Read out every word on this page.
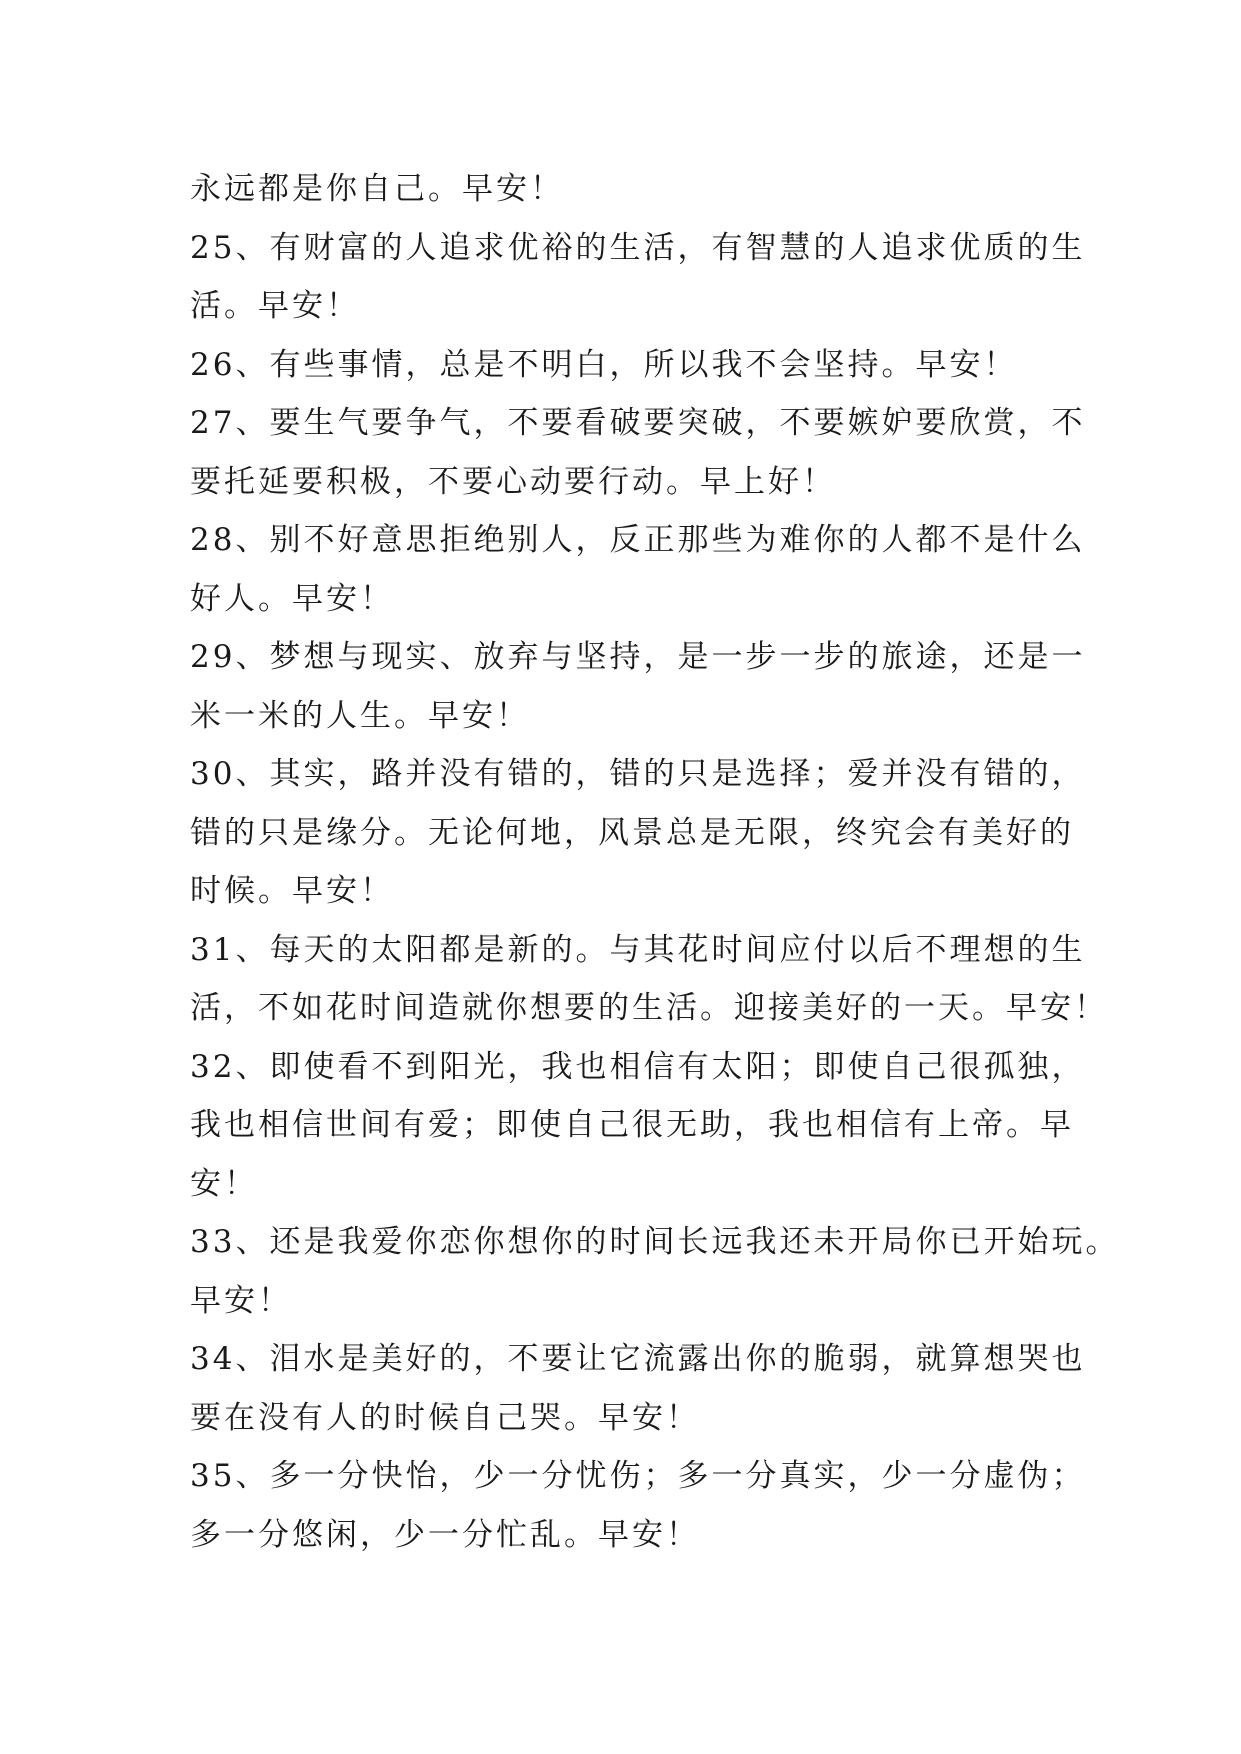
永远都是你自己。早安！
25、有财富的人追求优裕的生活，有智慧的人追求优质的生
活。早安！
26、有些事情，总是不明白，所以我不会坚持。早安！
27、要生气要争气，不要看破要突破，不要嫉妒要欣赏，不
要托延要积极，不要心动要行动。早上好！
28、别不好意思拒绝别人，反正那些为难你的人都不是什么
好人。早安！
29、梦想与现实、放弃与坚持，是一步一步的旅途，还是一
米一米的人生。早安！
30、其实，路并没有错的，错的只是选择；爱并没有错的，
错的只是缘分。无论何地，风景总是无限，终究会有美好的
时候。早安！
31、每天的太阳都是新的。与其花时间应付以后不理想的生
活，不如花时间造就你想要的生活。迎接美好的一天。早安！
32、即使看不到阳光，我也相信有太阳；即使自己很孤独，
我也相信世间有爱；即使自己很无助，我也相信有上帝。早
安！
33、还是我爱你恋你想你的时间长远我还未开局你已开始玩。
早安！
34、泪水是美好的，不要让它流露出你的脆弱，就算想哭也
要在没有人的时候自己哭。早安！
35、多一分快怡，少一分忧伤；多一分真实，少一分虚伪；
多一分悠闲，少一分忙乱。早安！
